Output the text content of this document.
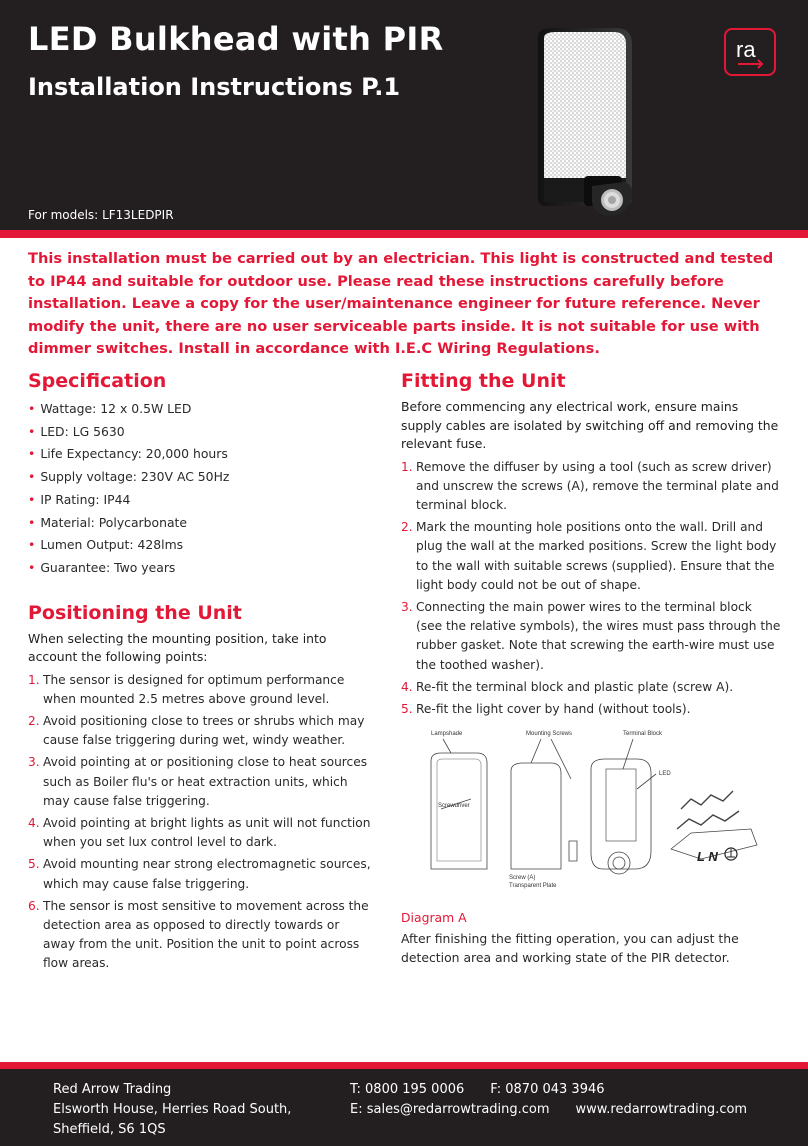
LED Bulkhead with PIR
Installation Instructions P.1
For models: LF13LEDPIR
ra

This installation must be carried out by an electrician. This light is constructed and tested to IP44 and suitable for outdoor use. Please read these instructions carefully before installation. Leave a copy for the user/maintenance engineer for future reference. Never modify the unit, there are no user serviceable parts inside. It is not suitable for use with dimmer switches. Install in accordance with I.E.C Wiring Regulations.

Specification
• Wattage: 12 x 0.5W LED
• LED: LG 5630
• Life Expectancy: 20,000 hours
• Supply voltage: 230V AC 50Hz
• IP Rating: IP44
• Material: Polycarbonate
• Lumen Output: 428lms
• Guarantee: Two years
Positioning the Unit

When selecting the mounting position, take into account the following points:

1. The sensor is designed for optimum performance when mounted 2.5 metres above ground level.
2. Avoid positioning close to trees or shrubs which may cause false triggering during wet, windy weather.
3. Avoid pointing at or positioning close to heat sources such as Boiler flu's or heat extraction units, which may cause false triggering.
4. Avoid pointing at bright lights as unit will not function when you set lux control level to dark.
5. Avoid mounting near strong electromagnetic sources, which may cause false triggering.
6. The sensor is most sensitive to movement across the detection area as opposed to directly towards or away from the unit. Position the unit to point across flow areas.
Fitting the Unit

Before commencing any electrical work, ensure mains supply cables are isolated by switching off and removing the relevant fuse.

1. Remove the diffuser by using a tool (such as screw driver) and unscrew the screws (A), remove the terminal plate and terminal block.
2. Mark the mounting hole positions onto the wall. Drill and plug the wall at the marked positions. Screw the light body to the wall with suitable screws (supplied). Ensure that the light body could not be out of shape.
3. Connecting the main power wires to the terminal block (see the relative symbols), the wires must pass through the rubber gasket. Note that screwing the earth-wire must use the toothed washer).
4. Re-fit the terminal block and plastic plate (screw A).
5. Re-fit the light cover by hand (without tools).
Lampshade	Mounting Screws	Terminal Block
LED
Screwdriver
Screw (A)
Transparent Plate
L N
Diagram A

After finishing the fitting operation, you can adjust the detection area and working state of the PIR detector.

Red Arrow Trading
Elsworth House, Herries Road South,
Sheffield, S6 1QS
T: 0800 195 0006 F: 0870 043 3946
E: sales@redarrowtrading.com www.redarrowtrading.com
